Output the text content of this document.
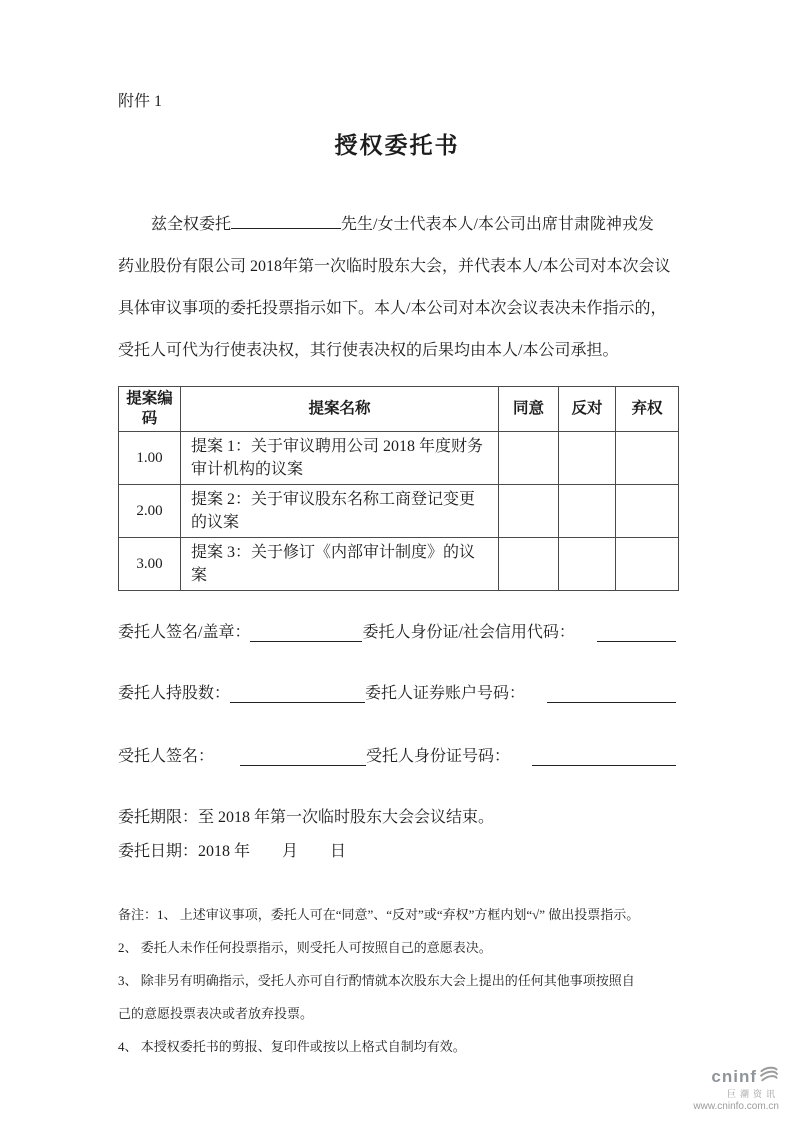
附件 1
授权委托书
兹全权委托	先生/女士代表本人/本公司出席甘肃陇神戎发
药业股份有限公司 2018年第一次临时股东大会，并代表本人/本公司对本次会议
具体审议事项的委托投票指示如下。本人/本公司对本次会议表决未作指示的，
受托人可代为行使表决权，其行使表决权的后果均由本人/本公司承担。
提案编码	提案名称	同意	反对	弃权
1.00	提案 1：关于审议聘用公司 2018 年度财务审计机构的议案			
2.00	提案 2：关于审议股东名称工商登记变更的议案			
3.00	提案 3：关于修订《内部审计制度》的议案			
委托人签名/盖章：	委托人身份证/社会信用代码：
委托人持股数：	委托人证券账户号码：
受托人签名：	受托人身份证号码：
委托期限：至 2018 年第一次临时股东大会会议结束。
委托日期：2018 年　　月　　日
备注：1、 上述审议事项，委托人可在“同意”、“反对”或“弃权”方框内划“√” 做出投票指示。
2、 委托人未作任何投票指示，则受托人可按照自己的意愿表决。
3、 除非另有明确指示，受托人亦可自行酌情就本次股东大会上提出的任何其他事项按照自
己的意愿投票表决或者放弃投票。
4、 本授权委托书的剪报、复印件或按以上格式自制均有效。
cninf
巨潮资讯
www.cninfo.com.cn
